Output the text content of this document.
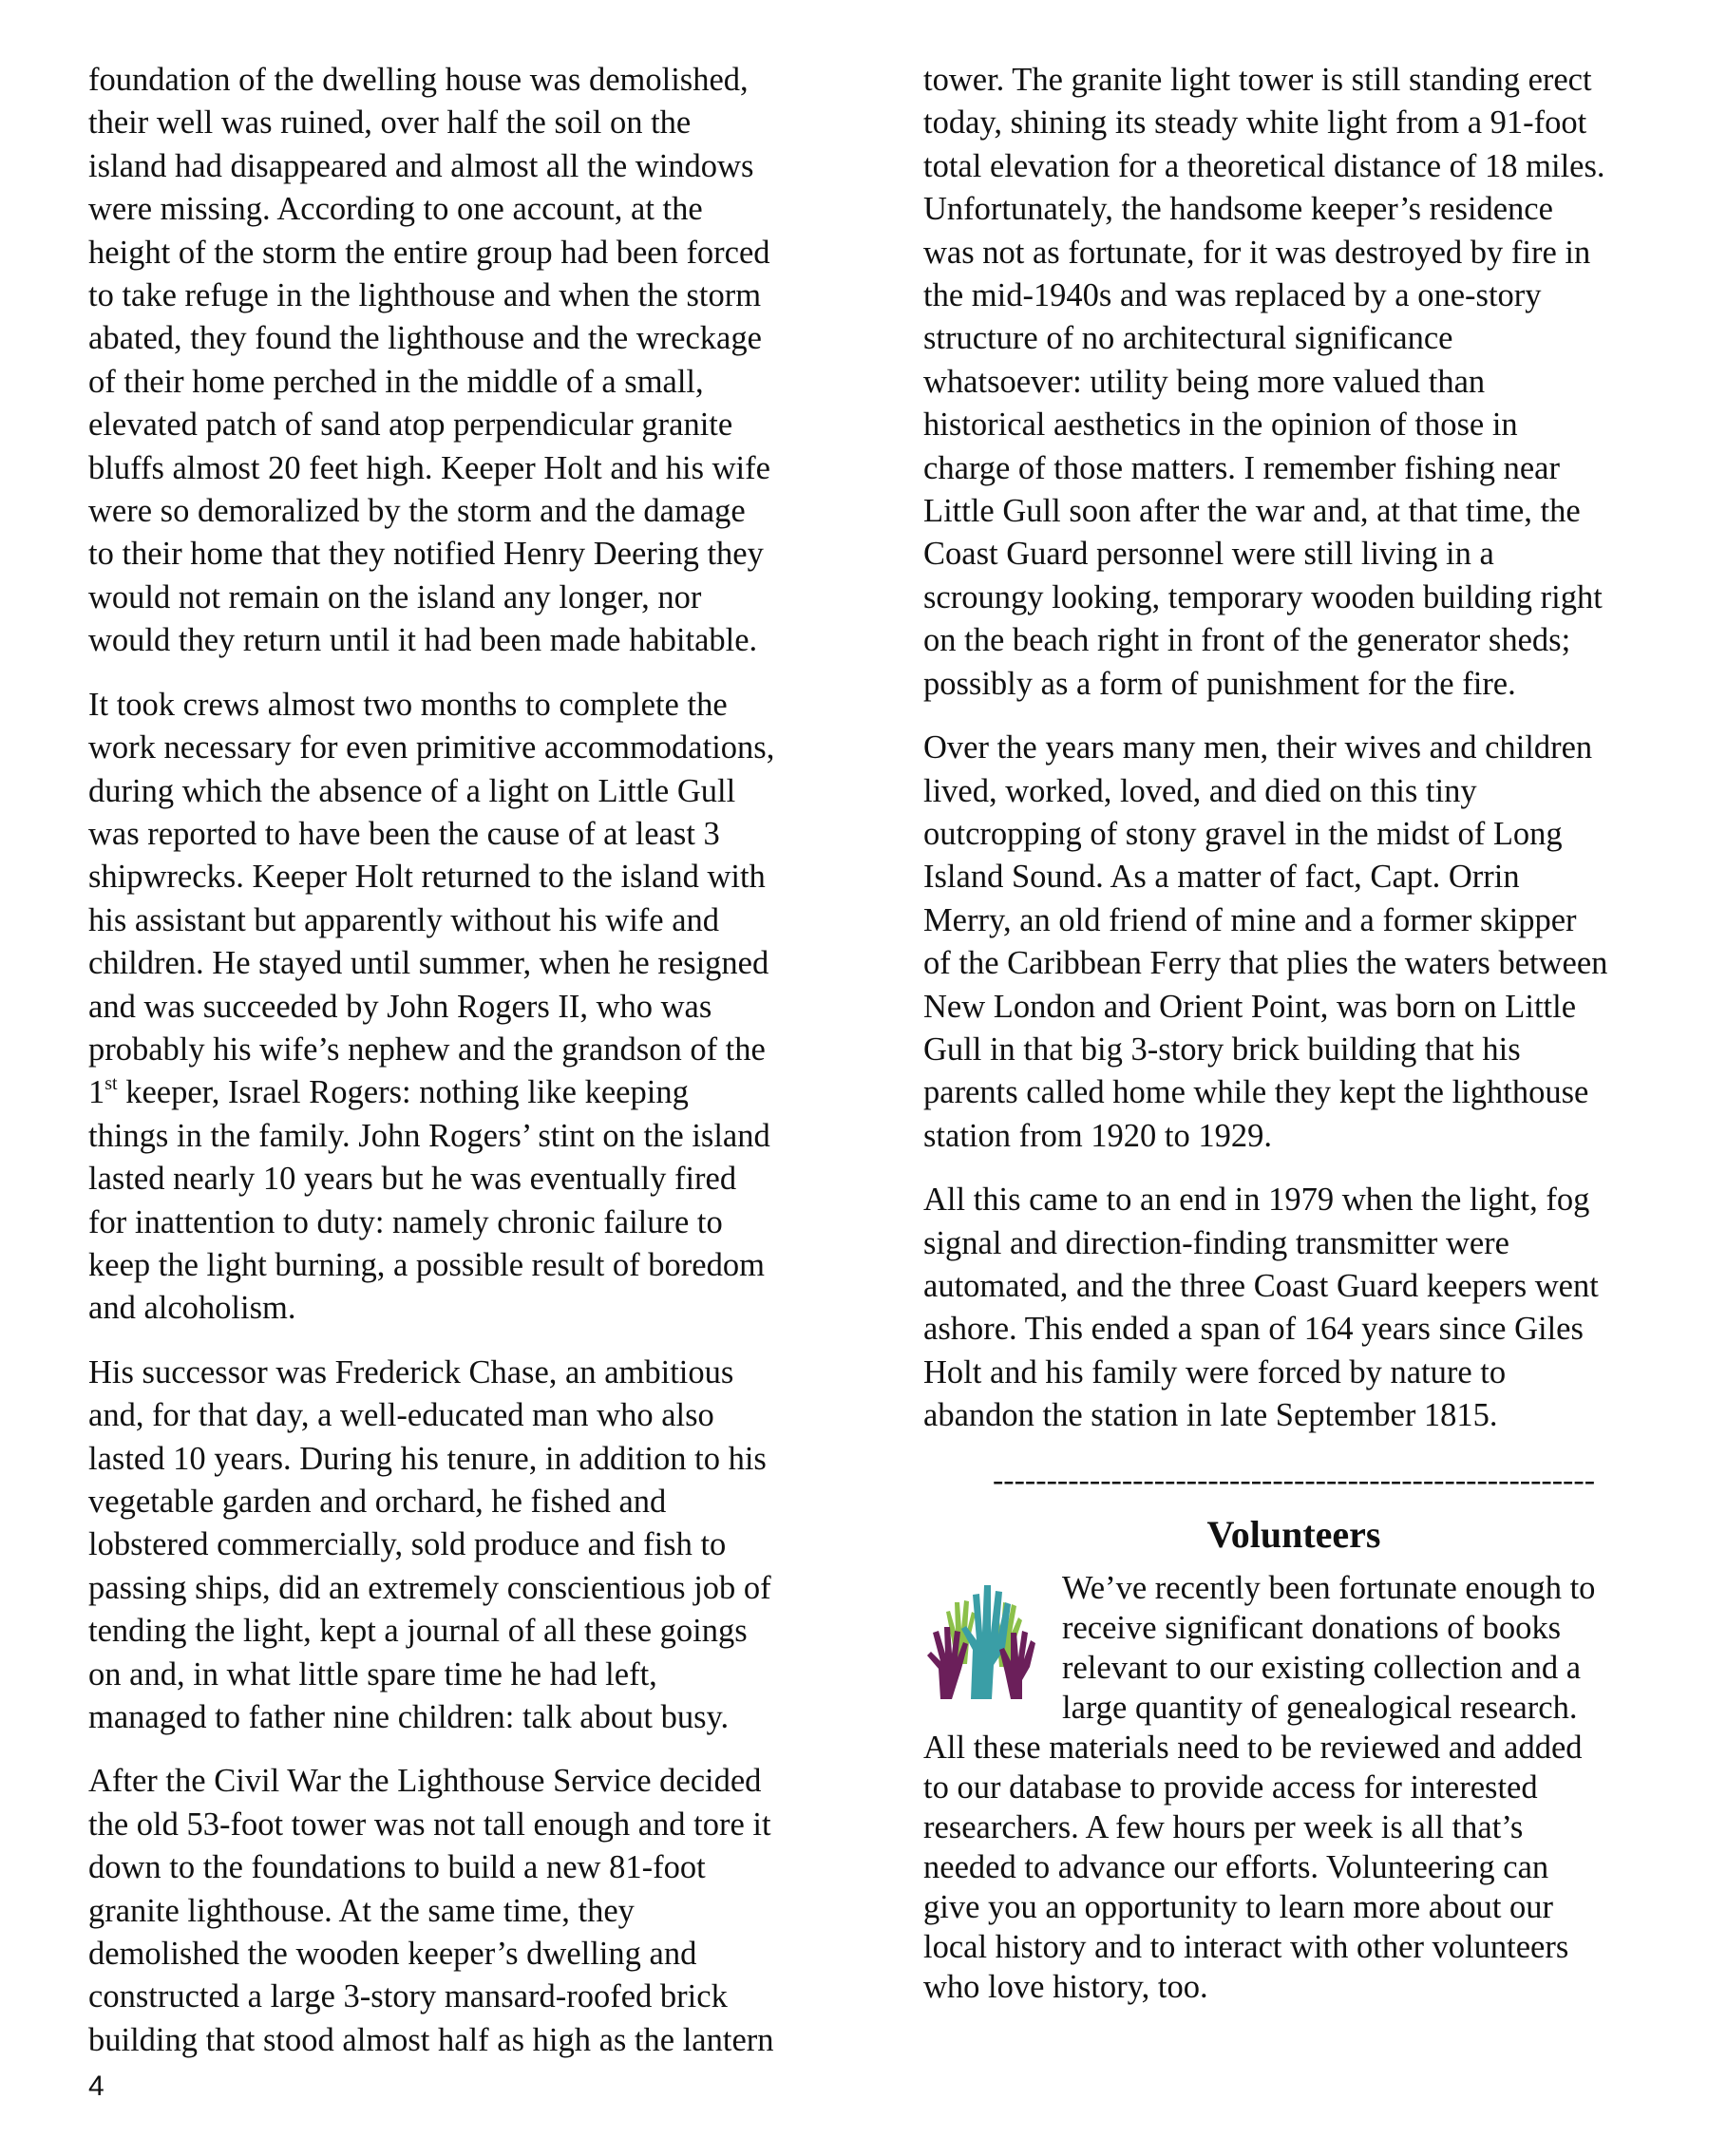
foundation of the dwelling house was demolished,
their well was ruined, over half the soil on the
island had disappeared and almost all the windows
were missing. According to one account, at the
height of the storm the entire group had been forced
to take refuge in the lighthouse and when the storm
abated, they found the lighthouse and the wreckage
of their home perched in the middle of a small,
elevated patch of sand atop perpendicular granite
bluffs almost 20 feet high. Keeper Holt and his wife
were so demoralized by the storm and the damage
to their home that they notified Henry Deering they
would not remain on the island any longer, nor
would they return until it had been made habitable.

It took crews almost two months to complete the
work necessary for even primitive accommodations,
during which the absence of a light on Little Gull
was reported to have been the cause of at least 3
shipwrecks. Keeper Holt returned to the island with
his assistant but apparently without his wife and
children. He stayed until summer, when he resigned
and was succeeded by John Rogers II, who was
probably his wife’s nephew and the grandson of the
1st keeper, Israel Rogers: nothing like keeping
things in the family. John Rogers’ stint on the island
lasted nearly 10 years but he was eventually fired
for inattention to duty: namely chronic failure to
keep the light burning, a possible result of boredom
and alcoholism.

His successor was Frederick Chase, an ambitious
and, for that day, a well-educated man who also
lasted 10 years. During his tenure, in addition to his
vegetable garden and orchard, he fished and
lobstered commercially, sold produce and fish to
passing ships, did an extremely conscientious job of
tending the light, kept a journal of all these goings
on and, in what little spare time he had left,
managed to father nine children: talk about busy.

After the Civil War the Lighthouse Service decided
the old 53-foot tower was not tall enough and tore it
down to the foundations to build a new 81-foot
granite lighthouse. At the same time, they
demolished the wooden keeper’s dwelling and
constructed a large 3-story mansard-roofed brick
building that stood almost half as high as the lantern

tower. The granite light tower is still standing erect
today, shining its steady white light from a 91-foot
total elevation for a theoretical distance of 18 miles.
Unfortunately, the handsome keeper’s residence
was not as fortunate, for it was destroyed by fire in
the mid-1940s and was replaced by a one-story
structure of no architectural significance
whatsoever: utility being more valued than
historical aesthetics in the opinion of those in
charge of those matters. I remember fishing near
Little Gull soon after the war and, at that time, the
Coast Guard personnel were still living in a
scroungy looking, temporary wooden building right
on the beach right in front of the generator sheds;
possibly as a form of punishment for the fire.

Over the years many men, their wives and children
lived, worked, loved, and died on this tiny
outcropping of stony gravel in the midst of Long
Island Sound. As a matter of fact, Capt. Orrin
Merry, an old friend of mine and a former skipper
of the Caribbean Ferry that plies the waters between
New London and Orient Point, was born on Little
Gull in that big 3-story brick building that his
parents called home while they kept the lighthouse
station from 1920 to 1929.

All this came to an end in 1979 when the light, fog
signal and direction-finding transmitter were
automated, and the three Coast Guard keepers went
ashore. This ended a span of 164 years since Giles
Holt and his family were forced by nature to
abandon the station in late September 1815.

--------------------------------------------------------
Volunteers
We’ve recently been fortunate enough to
receive significant donations of books
relevant to our existing collection and a
large quantity of genealogical research.
All these materials need to be reviewed and added
to our database to provide access for interested
researchers. A few hours per week is all that’s
needed to advance our efforts. Volunteering can
give you an opportunity to learn more about our
local history and to interact with other volunteers
who love history, too.
4
